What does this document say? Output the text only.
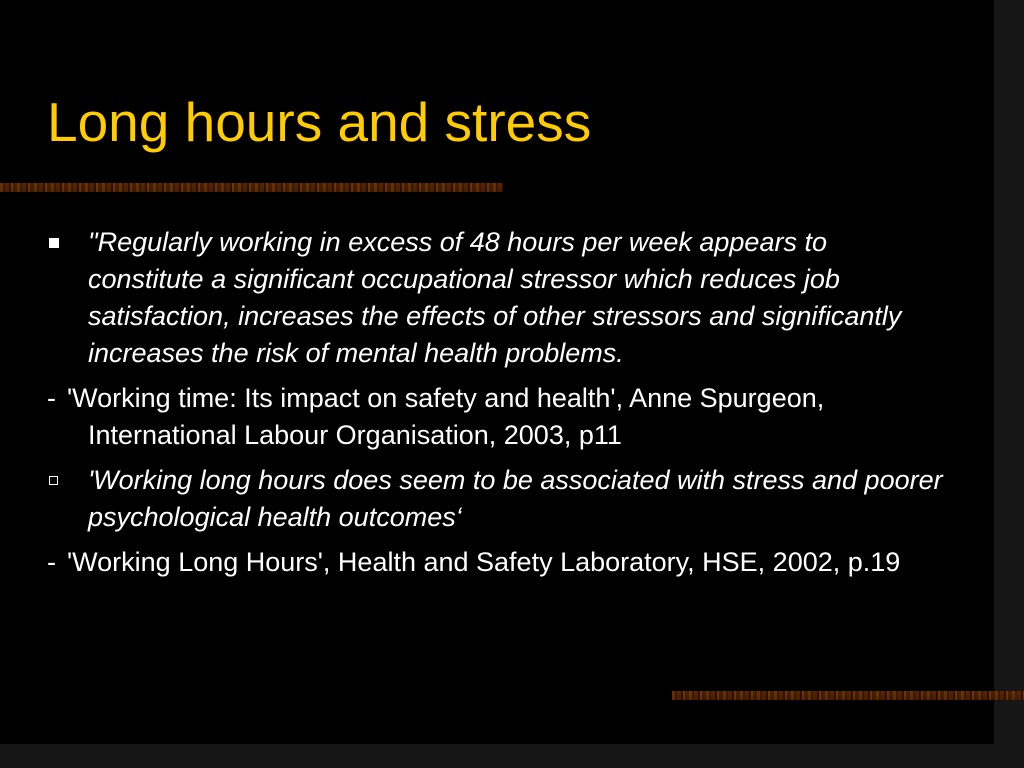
Long hours and stress
"Regularly working in excess of 48 hours per week appears to constitute a significant occupational stressor which reduces job satisfaction, increases the effects of other stressors and significantly increases the risk of mental health problems.
- 'Working time: Its impact on safety and health', Anne Spurgeon, International Labour Organisation, 2003, p11
'Working long hours does seem to be associated with stress and poorer psychological health outcomes‘
- 'Working Long Hours', Health and Safety Laboratory, HSE, 2002, p.19
